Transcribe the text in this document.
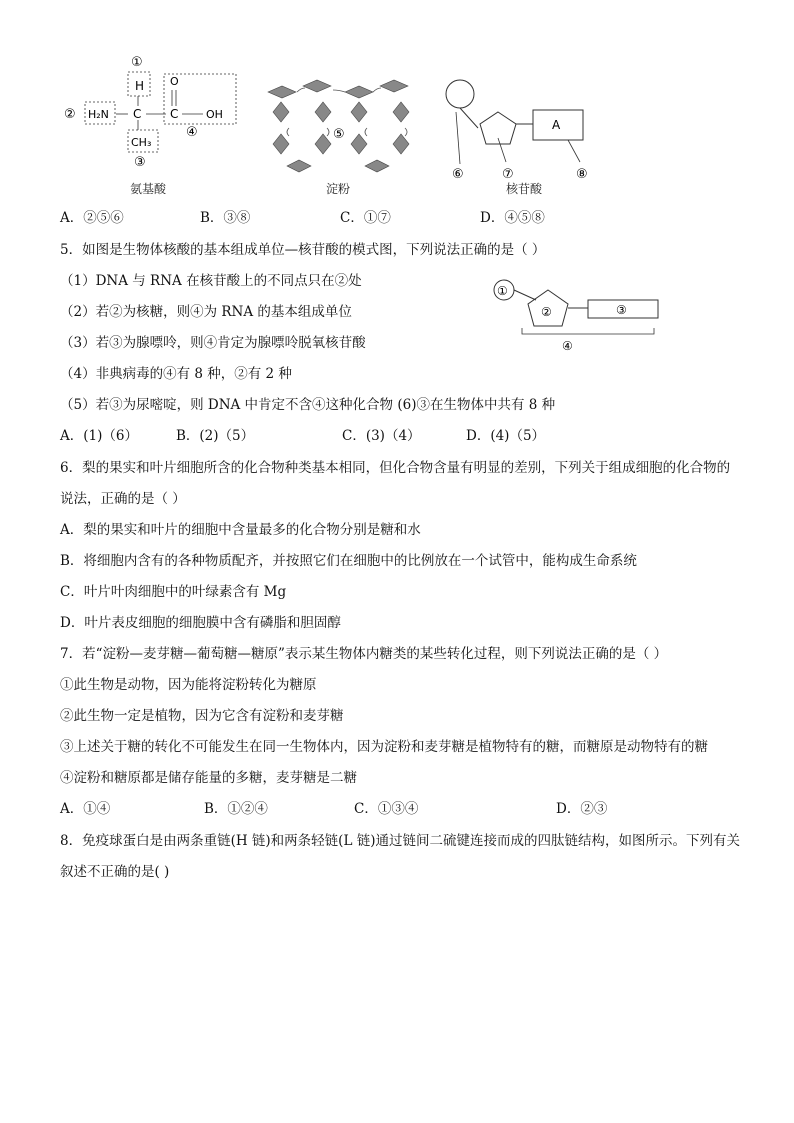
①
H
② H₂N C C
O
OH
④
CH₃
③
⑤
A
⑥	⑦	⑧
氨基酸	淀粉	核苷酸
A．②⑤⑥	B．③⑧	C．①⑦	D．④⑤⑧
5．如图是生物体核酸的基本组成单位—核苷酸的模式图，下列说法正确的是（ ）
（1）DNA 与 RNA 在核苷酸上的不同点只在②处
（2）若②为核糖，则④为 RNA 的基本组成单位
（3）若③为腺嘌呤，则④肯定为腺嘌呤脱氧核苷酸
（4）非典病毒的④有 8 种，②有 2 种
（5）若③为尿嘧啶，则 DNA 中肯定不含④这种化合物 (6)③在生物体中共有 8 种
①
②	③
④
A．(1)（6）	B．(2)（5）	C．(3)（4）	D．(4)（5）
6．梨的果实和叶片细胞所含的化合物种类基本相同，但化合物含量有明显的差别，下列关于组成细胞的化合物的
说法，正确的是（ ）
A．梨的果实和叶片的细胞中含量最多的化合物分别是糖和水
B．将细胞内含有的各种物质配齐，并按照它们在细胞中的比例放在一个试管中，能构成生命系统
C．叶片叶肉细胞中的叶绿素含有 Mg
D．叶片表皮细胞的细胞膜中含有磷脂和胆固醇
7．若“淀粉—麦芽糖—葡萄糖—糖原”表示某生物体内糖类的某些转化过程，则下列说法正确的是（ ）
①此生物是动物，因为能将淀粉转化为糖原
②此生物一定是植物，因为它含有淀粉和麦芽糖
③上述关于糖的转化不可能发生在同一生物体内，因为淀粉和麦芽糖是植物特有的糖，而糖原是动物特有的糖
④淀粉和糖原都是储存能量的多糖，麦芽糖是二糖
A．①④	B．①②④	C．①③④	D．②③
8．免疫球蛋白是由两条重链(H 链)和两条轻链(L 链)通过链间二硫键连接而成的四肽链结构，如图所示。下列有关
叙述不正确的是( )
